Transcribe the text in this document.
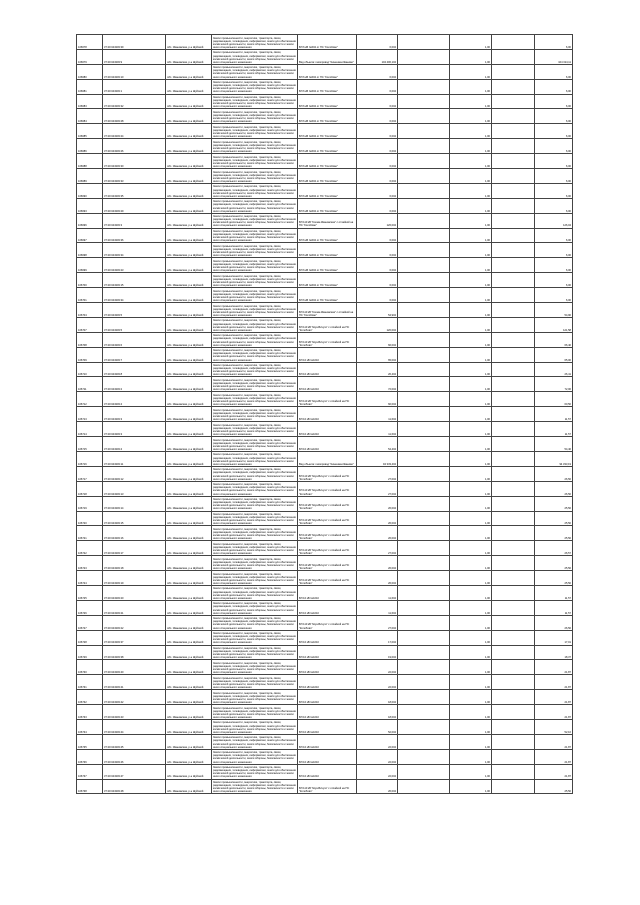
106678	37:20:044303:39	обл. Ивановская, р-н Шуйский	Земли промышленности, энергетики, транспорта, связи, радиовещания, телевидения, информатики, земли для обеспечения космической деятельности, земли обороны, безопасности и земли иного специального назначения	ВЛ 6 кВ №604 от ПС "Колобово"	6,004		1,00		6,00
106679	37:20:044303:9	обл. Ивановская, р-н Шуйский	Земли промышленности, энергетики, транспорта, связи, радиовещания, телевидения, информатики, земли для обеспечения космической деятельности, земли обороны, безопасности и земли иного специального назначения	Вид объекта: газопровод "Кинешма-Иваново"	104 406,104		1,00		104 314,11
106680	37:20:044303:10	обл. Ивановская, р-н Шуйский	Земли промышленности, энергетики, транспорта, связи, радиовещания, телевидения, информатики, земли для обеспечения космической деятельности, земли обороны, безопасности и земли иного специального назначения	ВЛ 6 кВ №604 от ПС "Колобово"	6,004		1,00		6,00
106681	37:20:044303:1	обл. Ивановская, р-н Шуйский	Земли промышленности, энергетики, транспорта, связи, радиовещания, телевидения, информатики, земли для обеспечения космической деятельности, земли обороны, безопасности и земли иного специального назначения	ВЛ 6 кВ №604 от ПС "Колобово"	6,004		1,00		6,00
106683	37:20:044303:32	обл. Ивановская, р-н Шуйский	Земли промышленности, энергетики, транспорта, связи, радиовещания, телевидения, информатики, земли для обеспечения космической деятельности, земли обороны, безопасности и земли иного специального назначения	ВЛ 6 кВ №604 от ПС "Колобово"	6,004		1,00		6,00
106684	37:20:044303:28	обл. Ивановская, р-н Шуйский	Земли промышленности, энергетики, транспорта, связи, радиовещания, телевидения, информатики, земли для обеспечения космической деятельности, земли обороны, безопасности и земли иного специального назначения	ВЛ 6 кВ №604 от ПС "Колобово"	6,004		1,00		6,00
106685	37:20:044303:24	обл. Ивановская, р-н Шуйский	Земли промышленности, энергетики, транспорта, связи, радиовещания, телевидения, информатики, земли для обеспечения космической деятельности, земли обороны, безопасности и земли иного специального назначения	ВЛ 6 кВ №604 от ПС "Колобово"	6,004		1,00		6,00
106686	37:20:044303:26	обл. Ивановская, р-н Шуйский	Земли промышленности, энергетики, транспорта, связи, радиовещания, телевидения, информатики, земли для обеспечения космической деятельности, земли обороны, безопасности и земли иного специального назначения	ВЛ 6 кВ №604 от ПС "Колобово"	6,004		1,00		6,00
106688	37:20:044303:30	обл. Ивановская, р-н Шуйский	Земли промышленности, энергетики, транспорта, связи, радиовещания, телевидения, информатики, земли для обеспечения космической деятельности, земли обороны, безопасности и земли иного специального назначения	ВЛ 6 кВ №604 от ПС "Колобово"	6,004		1,00		6,00
106689	37:20:044303:33	обл. Ивановская, р-н Шуйский	Земли промышленности, энергетики, транспорта, связи, радиовещания, телевидения, информатики, земли для обеспечения космической деятельности, земли обороны, безопасности и земли иного специального назначения	ВЛ 6 кВ №604 от ПС "Колобово"	6,004		1,00		6,00
106690	37:20:044303:35	обл. Ивановская, р-н Шуйский	Земли промышленности, энергетики, транспорта, связи, радиовещания, телевидения, информатики, земли для обеспечения космической деятельности, земли обороны, безопасности и земли иного специального назначения	ВЛ 6 кВ №604 от ПС "Колобово"	6,004		1,00		6,00
106693	37:20:044303:29	обл. Ивановская, р-н Шуйский	Земли промышленности, энергетики, транспорта, связи, радиовещания, телевидения, информатики, земли для обеспечения космической деятельности, земли обороны, безопасности и земли иного специального назначения	ВЛ 6 кВ №604 от ПС "Колобово"	6,004		1,00		6,00
106696	37:20:044303:3	обл. Ивановская, р-н Шуйский	Земли промышленности, энергетики, транспорта, связи, радиовещания, телевидения, информатики, земли для обеспечения космической деятельности, земли обороны, безопасности и земли иного специального назначения	ВЛ 110 кВ "Кохма-Ивановская" с отпайкой на ПС "Колобово"	126,004		1,00		126,04
106697	37:20:044303:36	обл. Ивановская, р-н Шуйский	Земли промышленности, энергетики, транспорта, связи, радиовещания, телевидения, информатики, земли для обеспечения космической деятельности, земли обороны, безопасности и земли иного специального назначения	ВЛ 6 кВ №604 от ПС "Колобово"	6,004		1,00		6,00
106698	37:20:044303:34	обл. Ивановская, р-н Шуйский	Земли промышленности, энергетики, транспорта, связи, радиовещания, телевидения, информатики, земли для обеспечения космической деятельности, земли обороны, безопасности и земли иного специального назначения	ВЛ 6 кВ №604 от ПС "Колобово"	6,004		1,00		6,00
106699	37:20:044303:23	обл. Ивановская, р-н Шуйский	Земли промышленности, энергетики, транспорта, связи, радиовещания, телевидения, информатики, земли для обеспечения космической деятельности, земли обороны, безопасности и земли иного специального назначения	ВЛ 6 кВ №604 от ПС "Колобово"	6,004		1,00		6,00
106700	37:20:044303:15	обл. Ивановская, р-н Шуйский	Земли промышленности, энергетики, транспорта, связи, радиовещания, телевидения, информатики, земли для обеспечения космической деятельности, земли обороны, безопасности и земли иного специального назначения	ВЛ 6 кВ №604 от ПС "Колобово"	6,004		1,00		6,00
106701	37:20:044303:34	обл. Ивановская, р-н Шуйский	Земли промышленности, энергетики, транспорта, связи, радиовещания, телевидения, информатики, земли для обеспечения космической деятельности, земли обороны, безопасности и земли иного специального назначения	ВЛ 6 кВ №604 от ПС "Колобово"	6,004		1,00		6,00
106704	37:20:044303:5	обл. Ивановская, р-н Шуйский	Земли промышленности, энергетики, транспорта, связи, радиовещания, телевидения, информатики, земли для обеспечения космической деятельности, земли обороны, безопасности и земли иного специального назначения	ВЛ 110 кВ "Кохма-Ивановская" с отпайкой на ПС "Колобово"	54,904		1,00		54,90
106707	37:20:044303:5	обл. Ивановская, р-н Шуйский	Земли промышленности, энергетики, транспорта, связи, радиовещания, телевидения, информатики, земли для обеспечения космической деятельности, земли обороны, безопасности и земли иного специального назначения	ВЛ 110 кВ "Шуя-Вичуга" с отпайкой на ПС "Колобово"	120,004		1,00		121,58
106708	37:20:044303:6	обл. Ивановская, р-н Шуйский	Земли промышленности, энергетики, транспорта, связи, радиовещания, телевидения, информатики, земли для обеспечения космической деятельности, земли обороны, безопасности и земли иного специального назначения	ВЛ 110 кВ "Шуя-Вичуга" с отпайкой на ПС "Колобово"	66,004		1,00		66,40
106709	37:20:044303:7	обл. Ивановская, р-н Шуйский	Земли промышленности, энергетики, транспорта, связи, радиовещания, телевидения, информатики, земли для обеспечения космической деятельности, земли обороны, безопасности и земли иного специального назначения	ВЛ 10 кВ №1010	65,004		1,00		65,00
106710	37:20:044303:8	обл. Ивановская, р-н Шуйский	Земли промышленности, энергетики, транспорта, связи, радиовещания, телевидения, информатики, земли для обеспечения космической деятельности, земли обороны, безопасности и земли иного специального назначения	ВЛ 10 кВ №1010	26,404		1,00		26,41
106711	37:20:044303:2	обл. Ивановская, р-н Шуйский	Земли промышленности, энергетики, транспорта, связи, радиовещания, телевидения, информатики, земли для обеспечения космической деятельности, земли обороны, безопасности и земли иного специального назначения	ВЛ 10 кВ №1010	72,004		1,00		72,00
106712	37:20:044303:4	обл. Ивановская, р-н Шуйский	Земли промышленности, энергетики, транспорта, связи, радиовещания, телевидения, информатики, земли для обеспечения космической деятельности, земли обороны, безопасности и земли иного специального назначения	ВЛ 110 кВ "Шуя-Вичуга" с отпайкой на ПС "Колобово"	60,004		1,00		60,50
106713	37:20:044303:3	обл. Ивановская, р-н Шуйский	Земли промышленности, энергетики, транспорта, связи, радиовещания, телевидения, информатики, земли для обеспечения космической деятельности, земли обороны, безопасности и земли иного специального назначения	ВЛ 10 кВ №1010	11,604		1,00		11,57
106714	37:20:044303:3	обл. Ивановская, р-н Шуйский	Земли промышленности, энергетики, транспорта, связи, радиовещания, телевидения, информатики, земли для обеспечения космической деятельности, земли обороны, безопасности и земли иного специального назначения	ВЛ 10 кВ №1010	11,604		1,00		11,57
106715	37:20:044303:4	обл. Ивановская, р-н Шуйский	Земли промышленности, энергетики, транспорта, связи, радиовещания, телевидения, информатики, земли для обеспечения космической деятельности, земли обороны, безопасности и земли иного специального назначения	ВЛ 10 кВ №1010	54,404		1,00		54,40
106716	37:20:044303:11	обл. Ивановская, р-н Шуйский	Земли промышленности, энергетики, транспорта, связи, радиовещания, телевидения, информатики, земли для обеспечения космической деятельности, земли обороны, безопасности и земли иного специального назначения	Вид объекта: газопровод "Кинешма-Иваново"	94 333,404		1,00		94 333,19
106717	37:20:044303:12	обл. Ивановская, р-н Шуйский	Земли промышленности, энергетики, транспорта, связи, радиовещания, телевидения, информатики, земли для обеспечения космической деятельности, земли обороны, безопасности и земли иного специального назначения	ВЛ 110 кВ "Шуя-Вичуга" с отпайкой на ПС "Колобово"	27,004		1,00		26,50
106718	37:20:044303:13	обл. Ивановская, р-н Шуйский	Земли промышленности, энергетики, транспорта, связи, радиовещания, телевидения, информатики, земли для обеспечения космической деятельности, земли обороны, безопасности и земли иного специального назначения	ВЛ 110 кВ "Шуя-Вичуга" с отпайкой на ПС "Колобово"	27,004		1,00		26,50
106719	37:20:044303:14	обл. Ивановская, р-н Шуйский	Земли промышленности, энергетики, транспорта, связи, радиовещания, телевидения, информатики, земли для обеспечения космической деятельности, земли обороны, безопасности и земли иного специального назначения	ВЛ 110 кВ "Шуя-Вичуга" с отпайкой на ПС "Колобово"	26,004		1,00		25,50
106720	37:20:044303:15	обл. Ивановская, р-н Шуйский	Земли промышленности, энергетики, транспорта, связи, радиовещания, телевидения, информатики, земли для обеспечения космической деятельности, земли обороны, безопасности и земли иного специального назначения	ВЛ 110 кВ "Шуя-Вичуга" с отпайкой на ПС "Колобово"	26,004		1,00		25,50
106721	37:20:044303:16	обл. Ивановская, р-н Шуйский	Земли промышленности, энергетики, транспорта, связи, радиовещания, телевидения, информатики, земли для обеспечения космической деятельности, земли обороны, безопасности и земли иного специального назначения	ВЛ 110 кВ "Шуя-Вичуга" с отпайкой на ПС "Колобово"	26,004		1,00		25,50
106722	37:20:044303:17	обл. Ивановская, р-н Шуйский	Земли промышленности, энергетики, транспорта, связи, радиовещания, телевидения, информатики, земли для обеспечения космической деятельности, земли обороны, безопасности и земли иного специального назначения	ВЛ 110 кВ "Шуя-Вичуга" с отпайкой на ПС "Колобово"	27,004		1,00		26,57
106723	37:20:044303:18	обл. Ивановская, р-н Шуйский	Земли промышленности, энергетики, транспорта, связи, радиовещания, телевидения, информатики, земли для обеспечения космической деятельности, земли обороны, безопасности и земли иного специального назначения	ВЛ 110 кВ "Шуя-Вичуга" с отпайкой на ПС "Колобово"	26,004		1,00		25,50
106724	37:20:044303:19	обл. Ивановская, р-н Шуйский	Земли промышленности, энергетики, транспорта, связи, радиовещания, телевидения, информатики, земли для обеспечения космической деятельности, земли обороны, безопасности и земли иного специального назначения	ВЛ 110 кВ "Шуя-Вичуга" с отпайкой на ПС "Колобово"	26,004		1,00		25,50
106725	37:20:044303:20	обл. Ивановская, р-н Шуйский	Земли промышленности, энергетики, транспорта, связи, радиовещания, телевидения, информатики, земли для обеспечения космической деятельности, земли обороны, безопасности и земли иного специального назначения	ВЛ 10 кВ №1010	11,604		1,00		11,57
106726	37:20:044303:21	обл. Ивановская, р-н Шуйский	Земли промышленности, энергетики, транспорта, связи, радиовещания, телевидения, информатики, земли для обеспечения космической деятельности, земли обороны, безопасности и земли иного специального назначения	ВЛ 10 кВ №1010	11,604		1,00		11,57
106727	37:20:044303:22	обл. Ивановская, р-н Шуйский	Земли промышленности, энергетики, транспорта, связи, радиовещания, телевидения, информатики, земли для обеспечения космической деятельности, земли обороны, безопасности и земли иного специального назначения	ВЛ 110 кВ "Шуя-Вичуга" с отпайкой на ПС "Колобово"	27,004		1,00		26,50
106728	37:20:044303:37	обл. Ивановская, р-н Шуйский	Земли промышленности, энергетики, транспорта, связи, радиовещания, телевидения, информатики, земли для обеспечения космической деятельности, земли обороны, безопасности и земли иного специального назначения	ВЛ 10 кВ №1010	17,004		1,00		17,01
106729	37:20:044303:38	обл. Ивановская, р-н Шуйский	Земли промышленности, энергетики, транспорта, связи, радиовещания, телевидения, информатики, земли для обеспечения космической деятельности, земли обороны, безопасности и земли иного специального назначения	ВЛ 10 кВ №1010	19,004		1,00		18,37
106730	37:20:044303:40	обл. Ивановская, р-н Шуйский	Земли промышленности, энергетики, транспорта, связи, радиовещания, телевидения, информатики, земли для обеспечения космической деятельности, земли обороны, безопасности и земли иного специального назначения	ВЛ 10 кВ №1010	22,004		1,00		21,87
106731	37:20:044303:41	обл. Ивановская, р-н Шуйский	Земли промышленности, энергетики, транспорта, связи, радиовещания, телевидения, информатики, земли для обеспечения космической деятельности, земли обороны, безопасности и земли иного специального назначения	ВЛ 10 кВ №1010	22,004		1,00		21,87
106732	37:20:044303:42	обл. Ивановская, р-н Шуйский	Земли промышленности, энергетики, транспорта, связи, радиовещания, телевидения, информатики, земли для обеспечения космической деятельности, земли обороны, безопасности и земли иного специального назначения	ВЛ 10 кВ №1010	18,004		1,00		21,87
106733	37:20:044303:43	обл. Ивановская, р-н Шуйский	Земли промышленности, энергетики, транспорта, связи, радиовещания, телевидения, информатики, земли для обеспечения космической деятельности, земли обороны, безопасности и земли иного специального назначения	ВЛ 10 кВ №1010	18,004		1,00		21,87
106734	37:20:044303:44	обл. Ивановская, р-н Шуйский	Земли промышленности, энергетики, транспорта, связи, радиовещания, телевидения, информатики, земли для обеспечения космической деятельности, земли обороны, безопасности и земли иного специального назначения	ВЛ 10 кВ №1010	52,004		1,00		52,16
106735	37:20:044303:45	обл. Ивановская, р-н Шуйский	Земли промышленности, энергетики, транспорта, связи, радиовещания, телевидения, информатики, земли для обеспечения космической деятельности, земли обороны, безопасности и земли иного специального назначения	ВЛ 10 кВ №1010	22,004		1,00		21,87
106736	37:20:044303:46	обл. Ивановская, р-н Шуйский	Земли промышленности, энергетики, транспорта, связи, радиовещания, телевидения, информатики, земли для обеспечения космической деятельности, земли обороны, безопасности и земли иного специального назначения	ВЛ 10 кВ №1010	22,004		1,00		21,87
106737	37:20:044303:47	обл. Ивановская, р-н Шуйский	Земли промышленности, энергетики, транспорта, связи, радиовещания, телевидения, информатики, земли для обеспечения космической деятельности, земли обороны, безопасности и земли иного специального назначения	ВЛ 10 кВ №1010	22,004		1,00		21,87
106738	37:20:044303:48	обл. Ивановская, р-н Шуйский	Земли промышленности, энергетики, транспорта, связи, радиовещания, телевидения, информатики, земли для обеспечения космической деятельности, земли обороны, безопасности и земли иного специального назначения	ВЛ 110 кВ "Шуя-Вичуга" с отпайкой на ПС "Колобово"	26,004		1,00		25,50
